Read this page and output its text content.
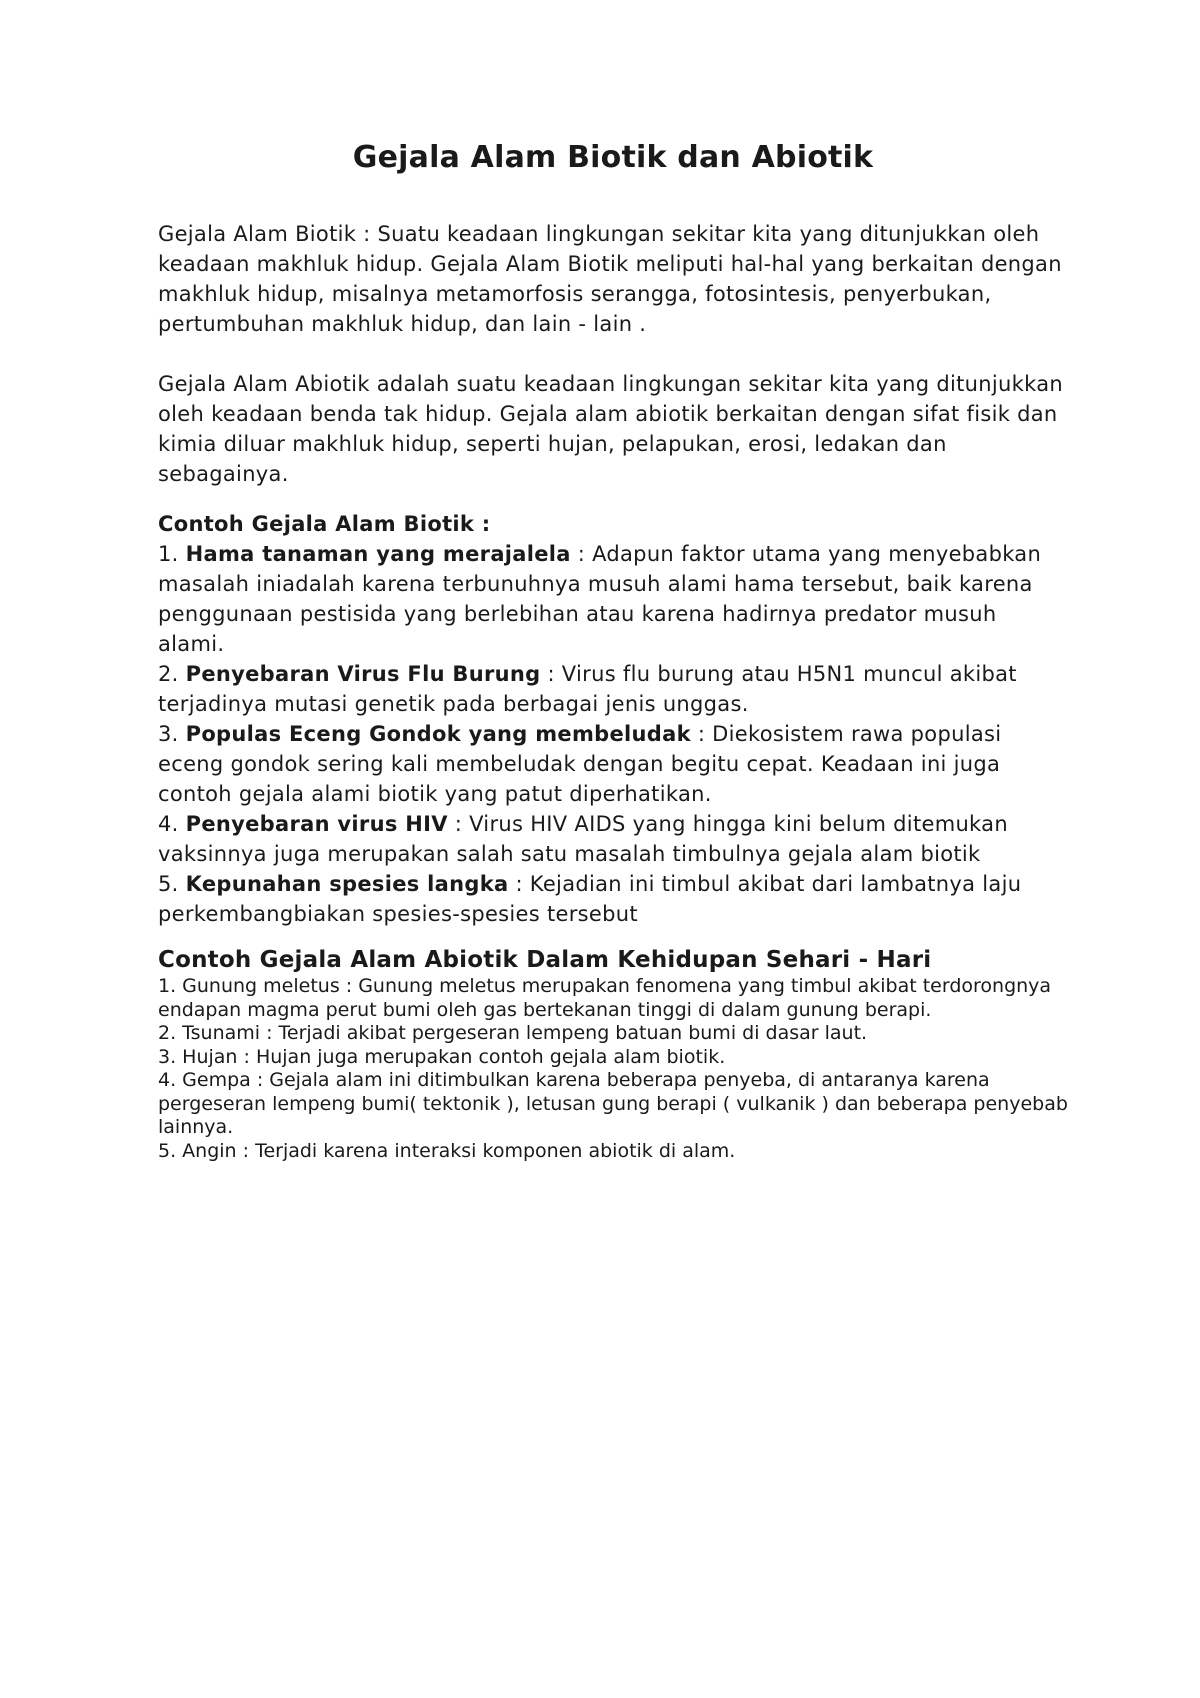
Gejala Alam Biotik dan Abiotik

Gejala Alam Biotik : Suatu keadaan lingkungan sekitar kita yang ditunjukkan oleh keadaan makhluk hidup. Gejala Alam Biotik meliputi hal-hal yang berkaitan dengan makhluk hidup, misalnya metamorfosis serangga, fotosintesis, penyerbukan, pertumbuhan makhluk hidup, dan lain - lain .

Gejala Alam Abiotik adalah suatu keadaan lingkungan sekitar kita yang ditunjukkan oleh keadaan benda tak hidup. Gejala alam abiotik berkaitan dengan sifat fisik dan kimia diluar makhluk hidup, seperti hujan, pelapukan, erosi, ledakan dan sebagainya.

Contoh Gejala Alam Biotik :

1. Hama tanaman yang merajalela : Adapun faktor utama yang menyebabkan masalah iniadalah karena terbunuhnya musuh alami hama tersebut, baik karena penggunaan pestisida yang berlebihan atau karena hadirnya predator musuh alami.
2. Penyebaran Virus Flu Burung : Virus flu burung atau H5N1 muncul akibat terjadinya mutasi genetik pada berbagai jenis unggas.
3. Populas Eceng Gondok yang membeludak : Diekosistem rawa populasi eceng gondok sering kali membeludak dengan begitu cepat. Keadaan ini juga contoh gejala alami biotik yang patut diperhatikan.
4. Penyebaran virus HIV : Virus HIV AIDS yang hingga kini belum ditemukan vaksinnya juga merupakan salah satu masalah timbulnya gejala alam biotik
5. Kepunahan spesies langka : Kejadian ini timbul akibat dari lambatnya laju perkembangbiakan spesies-spesies tersebut

Contoh Gejala Alam Abiotik Dalam Kehidupan Sehari - Hari

1. Gunung meletus : Gunung meletus merupakan fenomena yang timbul akibat terdorongnya endapan magma perut bumi oleh gas bertekanan tinggi di dalam gunung berapi.
2. Tsunami : Terjadi akibat pergeseran lempeng batuan bumi di dasar laut.
3. Hujan : Hujan juga merupakan contoh gejala alam biotik.
4. Gempa : Gejala alam ini ditimbulkan karena beberapa penyeba, di antaranya karena pergeseran lempeng bumi( tektonik ), letusan gung berapi ( vulkanik ) dan beberapa penyebab lainnya.
5. Angin : Terjadi karena interaksi komponen abiotik di alam.
